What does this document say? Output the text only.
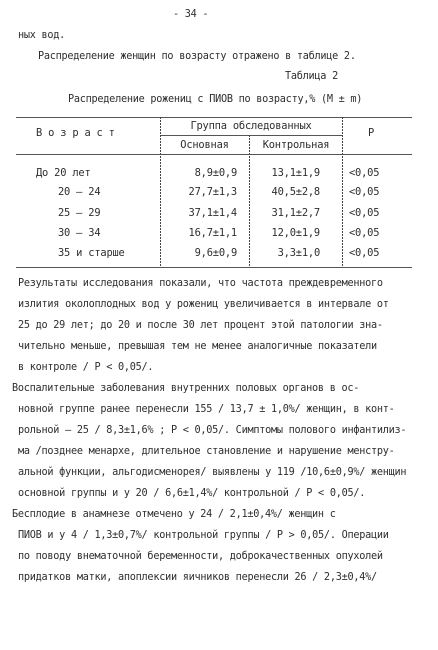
- 34 -
ных вод.
Распределение женщин по возрасту отражено в таблице 2.
Таблица 2
Распределение рожениц с ПИОВ по возрасту,% (М ± m)
В о з р а с т
Группа обследованных
Основная	Контрольная
Р
До 20 лет	8,9±0,9	13,1±1,9	<0,05
20 – 24	27,7±1,3	40,5±2,8	<0,05
25 – 29	37,1±1,4	31,1±2,7	<0,05
30 – 34	16,7±1,1	12,0±1,9	<0,05
35 и старше	9,6±0,9	3,3±1,0	<0,05
Результаты исследования показали, что частота преждевременного
излития околоплодных вод у рожениц увеличивается в интервале от
25 до 29 лет; до 20 и после 30 лет процент этой патологии зна-
чительно меньше, превышая тем не менее аналогичные показатели
в контроле / Р < 0,05/.
Воспалительные заболевания внутренних половых органов в ос-
новной группе ранее перенесли 155 / 13,7 ± 1,0%/ женщин, в конт-
рольной – 25 / 8,3±1,6% ; Р < 0,05/. Симптомы полового инфантилиз-
ма /позднее менархе, длительное становление и нарушение менстру-
альной функции, альгодисменорея/ выявлены у 119 /10,6±0,9%/ женщин
основной группы и у 20 / 6,6±1,4%/ контрольной / Р < 0,05/.
Бесплодие в анамнезе отмечено у 24 / 2,1±0,4%/ женщин с
ПИОВ и у 4 / 1,3±0,7%/ контрольной группы / Р > 0,05/. Операции
по поводу внематочной беременности, доброкачественных опухолей
придатков матки, апоплексии яичников перенесли 26 / 2,3±0,4%/
